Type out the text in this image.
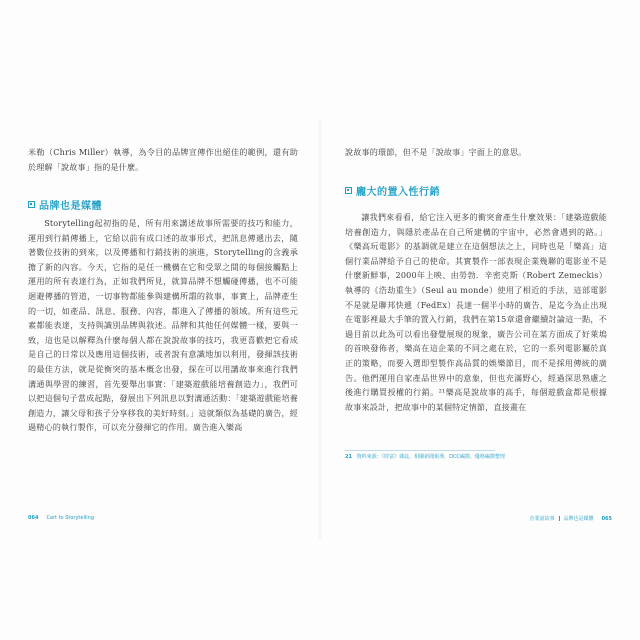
米勒（Chris Miller）執導，為令目的品牌宣傳作出絕佳的範例，還有助於理解「說故事」指的是什麼。

品牌也是媒體

Storytelling起初指的是，所有用來講述故事所需要的技巧和能力，運用到行銷傳播上，它給以前有成口述的故事形式，把訊息傳遞出去，隨著數位技術的到來，以及傳播和行銷技術的演進，Storytelling的含義承擔了新的內容。今天，它指的是任一機構在它和受眾之間的每個接觸點上運用的所有表達行為，正如我們所見，就算品牌不想觸碰傳播，也不可能迴避傳播的管道，一切事物都能參與建構所謂的敘事，事實上，品牌產生的一切，如產品、訊息、服務、內容，都進入了傳播的領域。所有這些元素都能表達，支持與識別品牌與敘述。品牌和其他任何媒體一樣，要與一致，這也是以解釋為什麼每個人都在說說故事的技巧，我更喜歡把它看成是自己的日常以及應用這個技術，或者說有意識地加以利用，發揮該技術的最佳方法，就是從衡突的基本概念出發，探在可以用講故事來進行我們溝通與學習的練習，首先要舉出事實：「建築遊戲能培養創造力」，我們可以把這個句子當成起點，發展出下列訊息以對溝通活動：「建築遊戲能培養創造力，讓父母和孩子分享移我的美好時刻。」這就類似為基礎的廣告，經過精心的執行製作，可以充分發揮它的作用。廣告進入樂高

064 Cart to Storytelling

說故事的環節，但不是「說故事」字面上的意思。

龐大的置入性行銷

讓我們來看看，給它注入更多的衝突會產生什麼效果：「建築遊戲能培養創造力，與隱於產品在自己所建構的宇宙中，必然會遇到的路。」《樂高玩電影》的基調就是建立在這個想法之上，同時也是「樂高」這個行業品牌給予自己的使命。其實製作一部表現企業幾聯的電影並不是什麼新鮮事，2000年上映、由勞勃．辛密克斯（Robert Zemeckis）執導的《浩劫重生》（Seul au monde）使用了相近的手法，這部電影不是就是聯邦快遞（FedEx）長達一個半小時的廣告，是迄今為止出現在電影裡最大手筆的置入行銷，我們在第15章還會繼續討論這一點，不過目前以此為可以看出發覺展現的現象，廣告公司在某方面成了好萊塢的首映發佈者，樂高在這企業的不同之處在於，它的一系列電影屬於真正的策略，而要入選即型製作高品質的娛樂節目，而不是採用傳統的廣告。他們運用自家產品世界中的意象，但也充滿野心，經過深思熟慮之後進行購買授權的行銷。²¹樂高是說故事的高手，每個遊戲盒都是根據故事來設計，把故事中的某個特定情節，直接畫在

21 資料來源：《財富》雜誌，相關新聞報導，DCC編撰、優格編撰整理
企業說故事 品牌也是媒體 065
